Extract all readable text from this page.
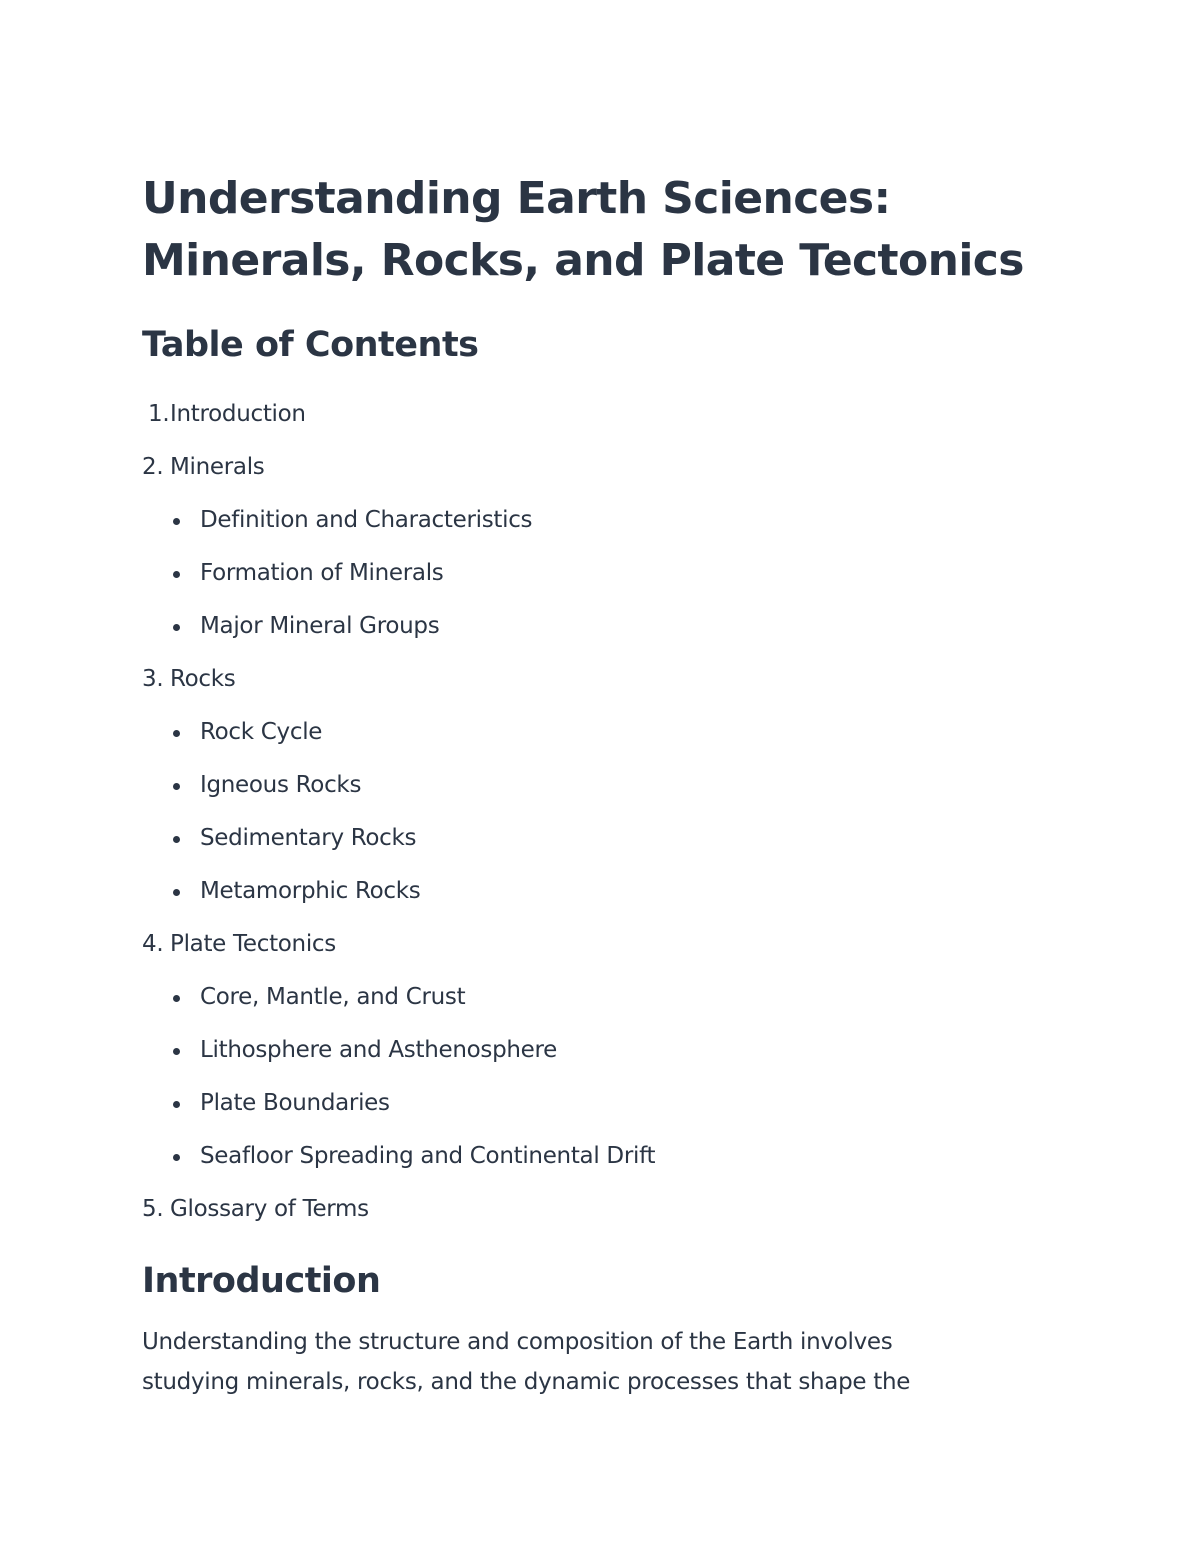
Understanding Earth Sciences:
Minerals, Rocks, and Plate Tectonics
Table of Contents
1.Introduction
2. Minerals
Definition and Characteristics
Formation of Minerals
Major Mineral Groups
3. Rocks
Rock Cycle
Igneous Rocks
Sedimentary Rocks
Metamorphic Rocks
4. Plate Tectonics
Core, Mantle, and Crust
Lithosphere and Asthenosphere
Plate Boundaries
Seafloor Spreading and Continental Drift
5. Glossary of Terms
Introduction

Understanding the structure and composition of the Earth involves
studying minerals, rocks, and the dynamic processes that shape the
